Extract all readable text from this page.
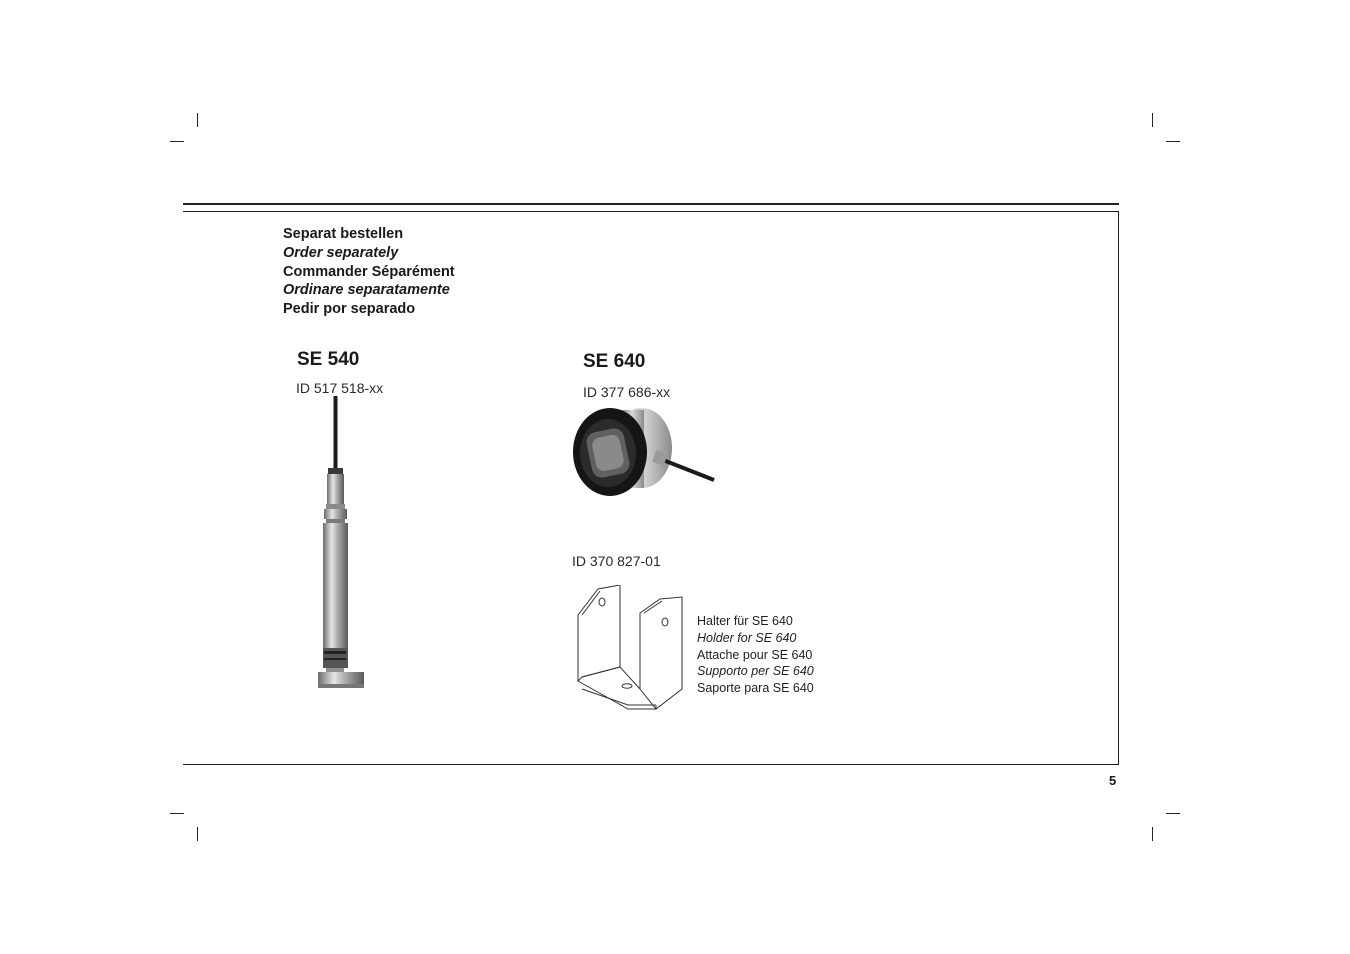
Separat bestellen
Order separately
Commander Séparément
Ordinare separatamente
Pedir por separado
SE 540
ID 517 518-xx
SE 640
ID 377 686-xx
ID 370 827-01
Halter für SE 640
Holder for SE 640
Attache pour SE 640
Supporto per SE 640
Saporte para SE 640
5
